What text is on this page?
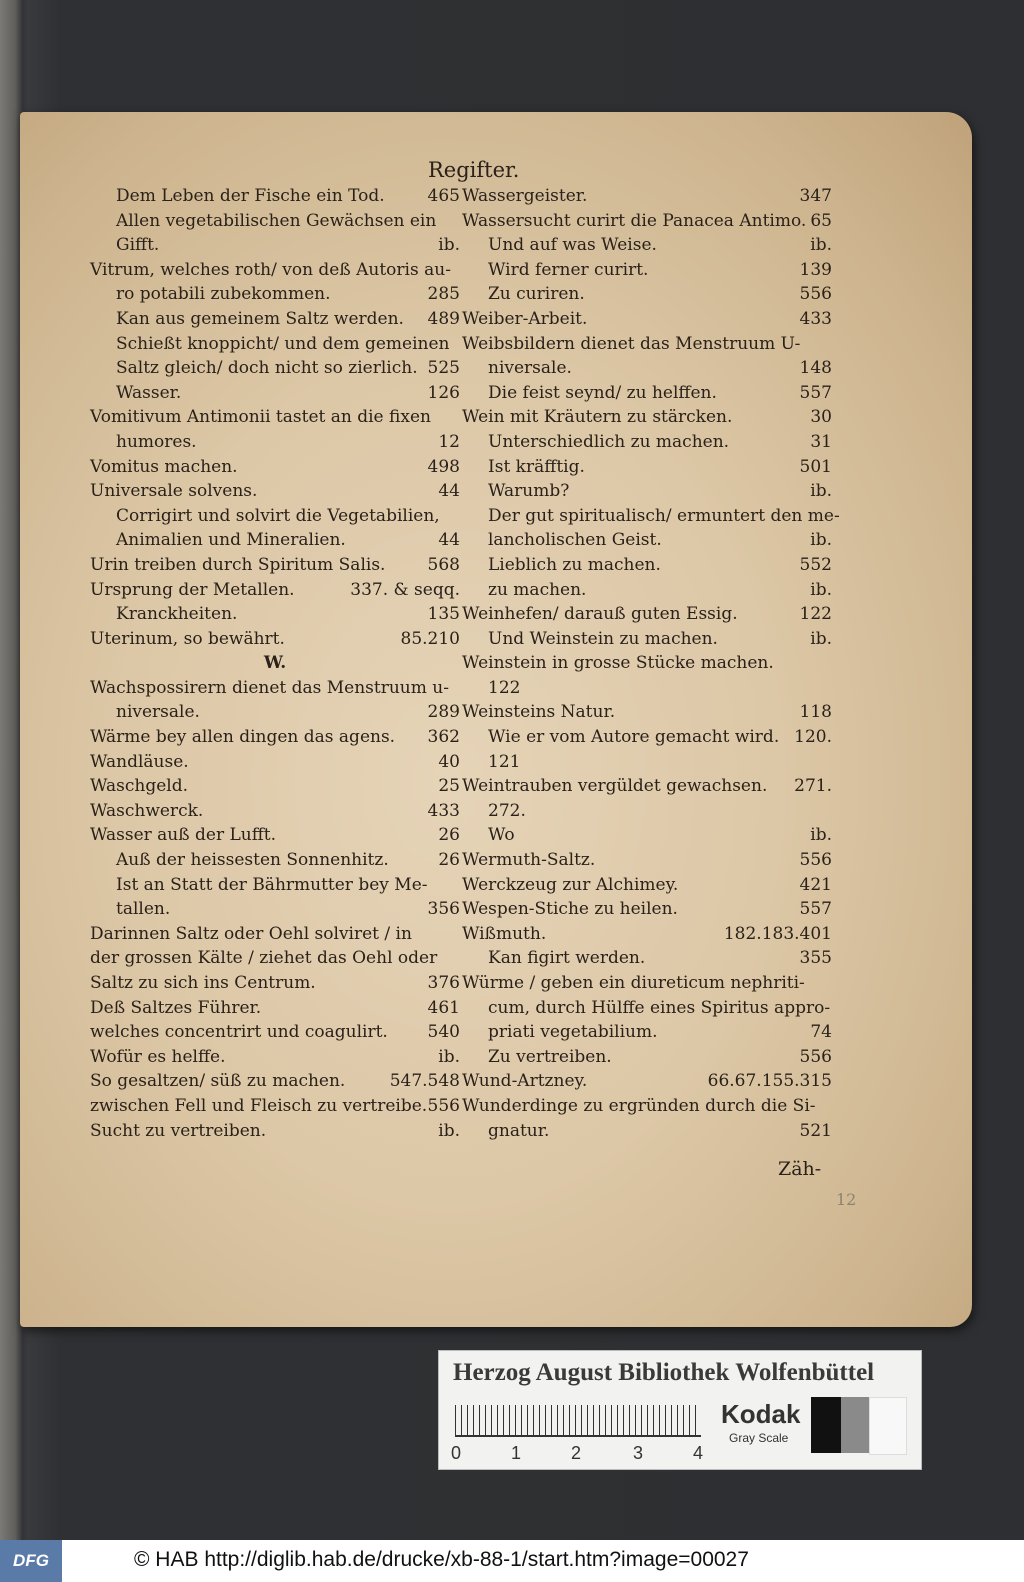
Regifter.
Dem Leben der Fische ein Tod.	465
Allen vegetabilischen Gewächsen ein
Gifft.	ib.
Vitrum, welches roth/ von deß Autoris au-
ro potabili zubekommen.	285
Kan aus gemeinem Saltz werden. 489
Schießt knoppicht/ und dem gemeinen
Saltz gleich/ doch nicht so zierlich. 525
Wasser.	126
Vomitivum Antimonii tastet an die fixen
humores.	12
Vomitus machen.	498
Universale solvens.	44
Corrigirt und solvirt die Vegetabilien,
Animalien und Mineralien.	44
Urin treiben durch Spiritum Salis. 568
Ursprung der Metallen.	337. & seqq.
Kranckheiten.	135
Uterinum, so bewährt.	85.210
W.
Wachspossirern dienet das Menstruum u-
niversale.	289
Wärme bey allen dingen das agens. 362
Wandläuse.	40
Waschgeld.	25
Waschwerck.	433
Wasser auß der Lufft.	26
Auß der heissesten Sonnenhitz.	26
Ist an Statt der Bährmutter bey Me-
tallen.	356
Darinnen Saltz oder Oehl solviret / in
der grossen Kälte / ziehet das Oehl oder
Saltz zu sich ins Centrum.	376
Deß Saltzes Führer.	461
welches concentrirt und coagulirt. 540
Wofür es helffe.	ib.
So gesaltzen/ süß zu machen.	547.548
zwischen Fell und Fleisch zu vertreibe. 556
Sucht zu vertreiben.	ib.
Wassergeister.	347
Wassersucht curirt die Panacea Antimo. 65
Und auf was Weise.	ib.
Wird ferner curirt.	139
Zu curiren.	556
Weiber-Arbeit.	433
Weibsbildern dienet das Menstruum U-
niversale.	148
Die feist seynd/ zu helffen.	557
Wein mit Kräutern zu stärcken.	30
Unterschiedlich zu machen.	31
Ist kräfftig.	501
Warumb?	ib.
Der gut spiritualisch/ ermuntert den me-
lancholischen Geist.	ib.
Lieblich zu machen.	552
zu machen.	ib.
Weinhefen/ darauß guten Essig.	122
Und Weinstein zu machen.	ib.
Weinstein in grosse Stücke machen.
122
Weinsteins Natur.	118
Wie er vom Autore gemacht wird. 120.
121
Weintrauben vergüldet gewachsen. 271.
272.
Wo	ib.
Wermuth-Saltz.	556
Werckzeug zur Alchimey.	421
Wespen-Stiche zu heilen.	557
Wißmuth.	182.183.401
Kan figirt werden.	355
Würme / geben ein diureticum nephriti-
cum, durch Hülffe eines Spiritus appro-
priati vegetabilium.	74
Zu vertreiben.	556
Wund-Artzney.	66.67.155.315
Wunderdinge zu ergründen durch die Si-
gnatur.	521
Zäh-
12
Herzog August Bibliothek Wolfenbüttel
0	1	2	3	4
Kodak
Gray Scale
DFG	© HAB http://diglib.hab.de/drucke/xb-88-1/start.htm?image=00027
